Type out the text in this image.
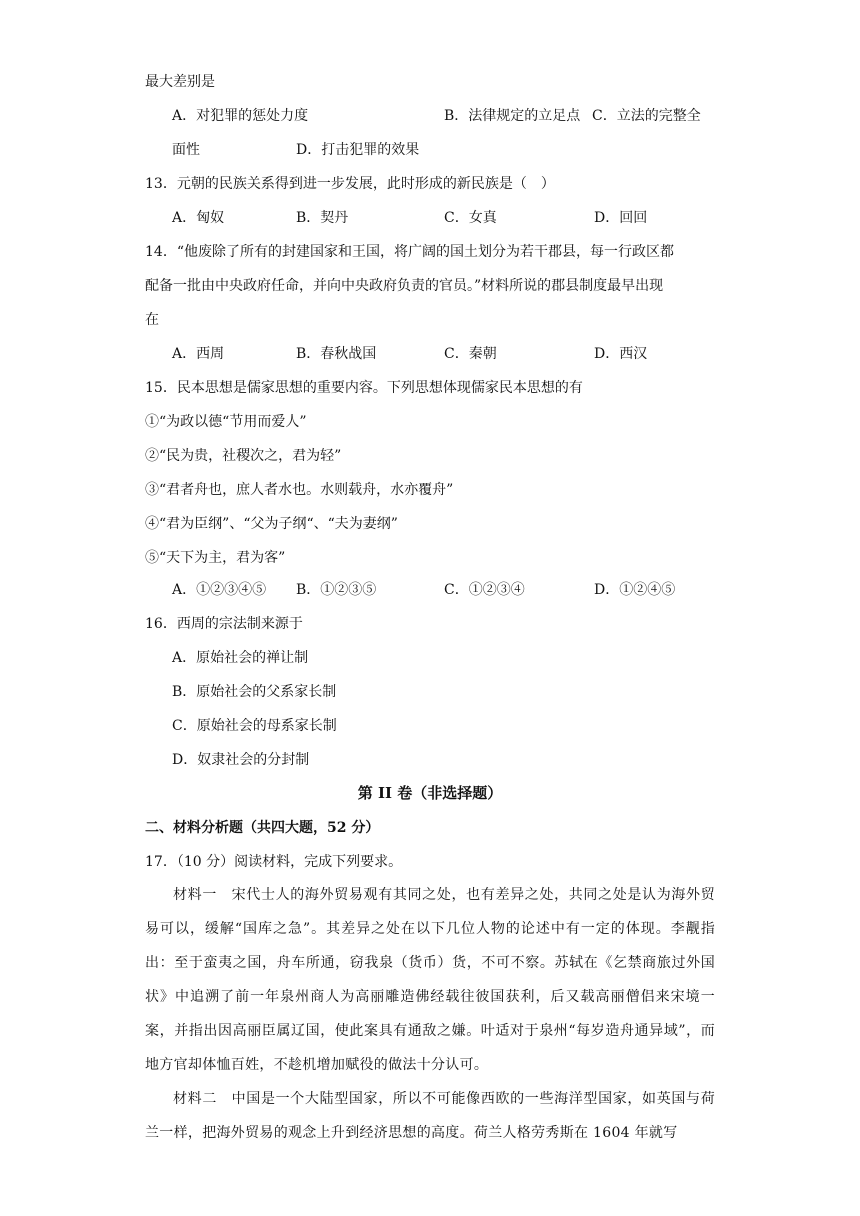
最大差别是
A．对犯罪的惩处力度	B．法律规定的立足点 C．立法的完整全
面性	D．打击犯罪的效果
13．元朝的民族关系得到进一步发展，此时形成的新民族是（　）
A．匈奴	B．契丹	C．女真	D．回回
14．“他废除了所有的封建国家和王国，将广阔的国土划分为若干郡县，每一行政区都
配备一批由中央政府任命，并向中央政府负责的官员。”材料所说的郡县制度最早出现
在
A．西周	B．春秋战国	C．秦朝	D．西汉
15．民本思想是儒家思想的重要内容。下列思想体现儒家民本思想的有
①“为政以德“节用而爱人”
②“民为贵，社稷次之，君为轻”
③“君者舟也，庶人者水也。水则载舟，水亦覆舟”
④“君为臣纲”、“父为子纲“、“夫为妻纲”
⑤“天下为主，君为客”
A．①②③④⑤ B．①②③⑤	C．①②③④	D．①②④⑤
16．西周的宗法制来源于
A．原始社会的禅让制
B．原始社会的父系家长制
C．原始社会的母系家长制
D．奴隶社会的分封制
第 II 卷（非选择题）
二、材料分析题（共四大题，52 分）
17．（10 分）阅读材料，完成下列要求。

材料一　宋代士人的海外贸易观有其同之处，也有差异之处，共同之处是认为海外贸易可以，缓解“国库之急”。其差异之处在以下几位人物的论述中有一定的体现。李觏指出：至于蛮夷之国，舟车所通，窃我泉（货币）货，不可不察。苏轼在《乞禁商旅过外国状》中追溯了前一年泉州商人为高丽雕造佛经载往彼国获利，后又载高丽僧侣来宋境一案，并指出因高丽臣属辽国，使此案具有通敌之嫌。叶适对于泉州“每岁造舟通异域”，而地方官却体恤百姓，不趁机增加赋役的做法十分认可。

材料二　中国是一个大陆型国家，所以不可能像西欧的一些海洋型国家，如英国与荷兰一样，把海外贸易的观念上升到经济思想的高度。荷兰人格劳秀斯在 1604 年就写
